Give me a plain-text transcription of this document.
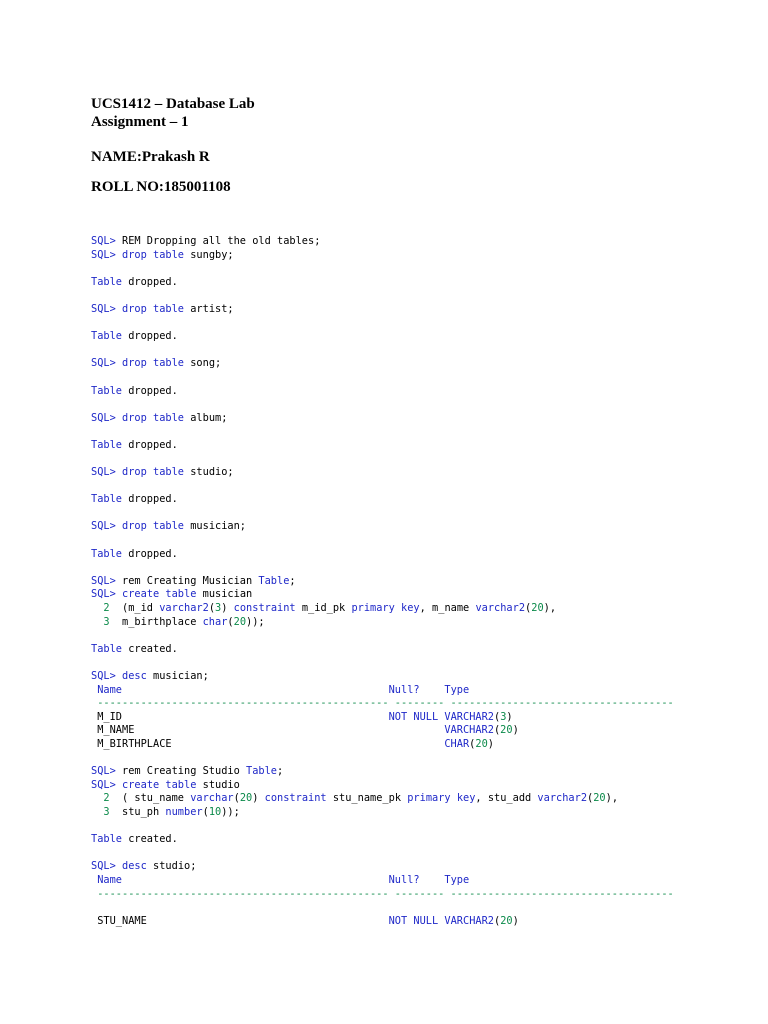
UCS1412 – Database Lab
Assignment – 1
NAME:Prakash R
ROLL NO:185001108
SQL> REM Dropping all the old tables;
SQL> drop table sungby;

Table dropped.

SQL> drop table artist;

Table dropped.

SQL> drop table song;

Table dropped.

SQL> drop table album;

Table dropped.

SQL> drop table studio;

Table dropped.

SQL> drop table musician;

Table dropped.

SQL> rem Creating Musician Table;
SQL> create table musician
2  (m_id varchar2(3) constraint m_id_pk primary key, m_name varchar2(20),
3  m_birthplace char(20));

Table created.

SQL> desc musician;
Name	Null? Type
----------------------------------------------- -------- ------------------------------------
M_ID                                           NOT NULL VARCHAR2(3)
M_NAME                                                  VARCHAR2(20)
M_BIRTHPLACE                                            CHAR(20)

SQL> rem Creating Studio Table;
SQL> create table studio
2  ( stu_name varchar(20) constraint stu_name_pk primary key, stu_add varchar2(20),
3  stu_ph number(10));

Table created.

SQL> desc studio;
Name	Null? Type
----------------------------------------------- -------- ------------------------------------

STU_NAME                                       NOT NULL VARCHAR2(20)
